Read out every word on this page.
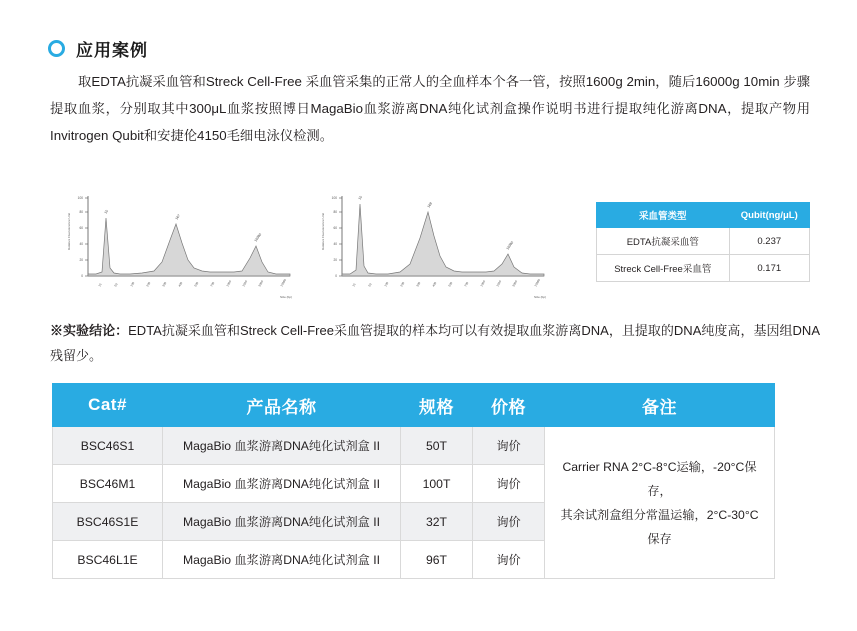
应用案例
取EDTA抗凝采血管和Streck Cell-Free 采血管采集的正常人的全血样本个各一管，按照1600g 2min，随后16000g 10min 步骤提取血浆，分别取其中300μL血浆按照博日MagaBio血浆游离DNA纯化试剂盒操作说明书进行提取纯化游离DNA，提取产物用Invitrogen Qubit和安捷伦4150毛细电泳仪检测。
0
20
40
60
80
100
Relative Fluorescence Unit
15
167
10380
15	50	100	200	300	400	500	700	1000	1500	3000	10380
Size (bp)
0
20
40
60
80
100
Relative Fluorescence Unit
15
169
10380
15	50	100	200	300	400	500	700	1000	1500	3000	10380
Size (bp)
采血管类型	Qubit(ng/μL)
EDTA抗凝采血管	0.237
Streck Cell-Free采血管	0.171
※实验结论：EDTA抗凝采血管和Streck Cell-Free采血管提取的样本均可以有效提取血浆游离DNA，且提取的DNA纯度高，基因组DNA残留少。
Cat#	产品名称	规格	价格	备注
BSC46S1	MagaBio 血浆游离DNA纯化试剂盒 II	50T	询价	Carrier RNA 2°C-8°C运输，-20°C保存，
其余试剂盒组分常温运输，2°C-30°C保存

BSC46M1	MagaBio 血浆游离DNA纯化试剂盒 II	100T	询价	
BSC46S1E	MagaBio 血浆游离DNA纯化试剂盒 II	32T	询价	
BSC46L1E	MagaBio 血浆游离DNA纯化试剂盒 II	96T	询价	
